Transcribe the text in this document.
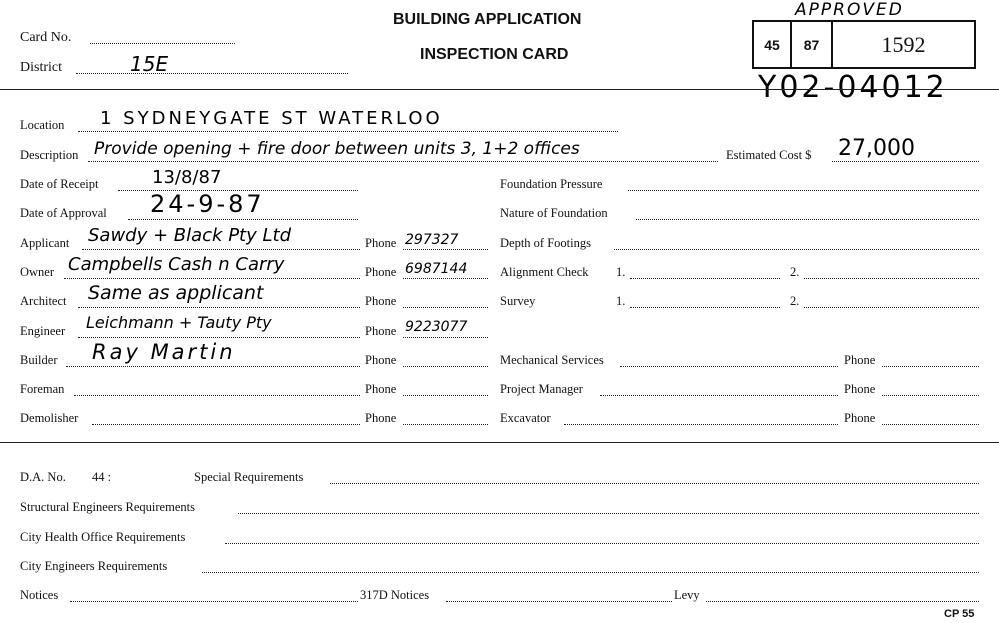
Card No.
District	15E
BUILDING APPLICATION
INSPECTION CARD
APPROVED
45 87	1592
Y02-04012
Location 1 SYDNEYGATE ST WATERLOO
Description Provide opening + fire door between units 3, 1+2 offices	Estimated Cost $ 27,000
Date of Receipt	13/8/87
Date of Approval 24-9-87
Applicant Sawdy + Black Pty Ltd	Phone 297327
Owner Campbells Cash n Carry	Phone 6987144
Architect Same as applicant	Phone
Engineer Leichmann + Tauty Pty	Phone 9223077
Builder Ray Martin	Phone
Foreman	Phone
Demolisher	Phone
Foundation Pressure
Nature of Foundation
Depth of Footings
Alignment Check 1.	2.
Survey	1.	2.
Mechanical Services	Phone
Project Manager	Phone
Excavator	Phone
D.A. No. 44 :	Special Requirements
Structural Engineers Requirements
City Health Office Requirements
City Engineers Requirements
Notices	317D Notices	Levy
CP 55
